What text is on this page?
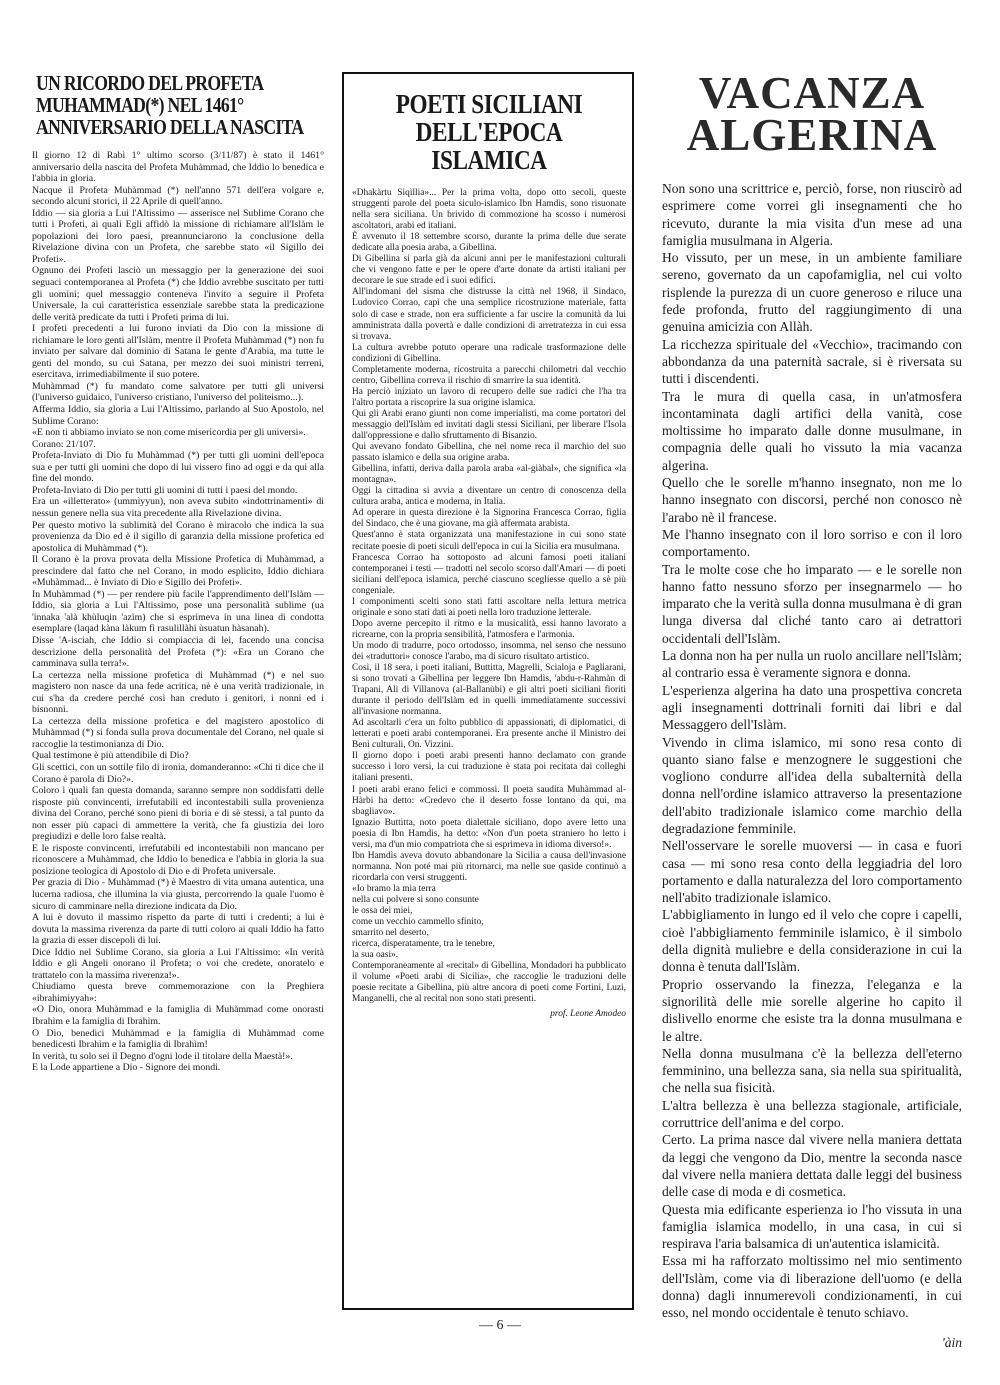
UN RICORDO DEL PROFETA MUHAMMAD(*) NEL 1461° ANNIVERSARIO DELLA NASCITA

Il giorno 12 di Rabì 1° ultimo scorso (3/11/87) è stato il 1461° anniversario della nascita del Profeta Muhàmmad, che Iddio lo benedica e l'abbia in gloria.

Nacque il Profeta Muhàmmad (*) nell'anno 571 dell'era volgare e, secondo alcuni storici, il 22 Aprile di quell'anno.

Iddio — sia gloria a Lui l'Altissimo — asserisce nel Sublime Corano che tutti i Profeti, ai quali Egli affidò la missione di richiamare all'Islàm le popolazioni dei loro paesi, preannunciarono la conclusione della Rivelazione divina con un Profeta, che sarebbe stato «il Sigillo dei Profeti».

Ognuno dei Profeti lasciò un messaggio per la generazione dei suoi seguaci contemporanea al Profeta (*) che Iddio avrebbe suscitato per tutti gli uomini; quel messaggio conteneva l'invito a seguire il Profeta Universale, la cui caratteristica essenziale sarebbe stata la predicazione delle verità predicate da tutti i Profeti prima di lui.

I profeti precedenti a lui furono inviati da Dio con la missione di richiamare le loro genti all'Islàm, mentre il Profeta Muhàmmad (*) non fu inviato per salvare dal dominio di Satana le gente d'Arabia, ma tutte le genti del mondo, su cui Satana, per mezzo dei suoi ministri terreni, esercitava, irrimediabilmente il suo potere.

Muhàmmad (*) fu mandato come salvatore per tutti gli universi (l'universo guidaico, l'universo cristiano, l'universo del politeismo...).

Afferma Iddio, sia gloria a Lui l'Altissimo, parlando al Suo Apostolo, nel Sublime Corano:

«E non ti abbiamo inviato se non come misericordia per gli universi».

Corano: 21/107.

Profeta-Inviato di Dio fu Muhàmmad (*) per tutti gli uomini dell'epoca sua e per tutti gli uomini che dopo di lui vissero fino ad oggi e da qui alla fine del mondo.

Profeta-Inviato di Dio per tutti gli uomini di tutti i paesi del mondo.

Era un «illetterato» (ummìyyun), non aveva subito «indottrinamenti» di nessun genere nella sua vita precedente alla Rivelazione divina.

Per questo motivo la sublimità del Corano è miracolo che indica la sua provenienza da Dio ed è il sigillo di garanzia della missione profetica ed apostolica di Muhàmmad (*).

Il Corano è la prova provata della Missione Profetica di Muhàmmad, a prescindere dal fatto che nel Corano, in modo esplicito, Iddio dichiara «Muhàmmad... è Inviato di Dio e Sigillo dei Profeti».

In Muhàmmad (*) — per rendere più facile l'apprendimento dell'Islàm — Iddio, sia gloria a Lui l'Altissimo, pose una personalità sublime (ua 'innaka 'alà khùluqin 'azìm) che si esprimeva in una linea di condotta esemplare (laqad kàna làkum fì rasulillàhi ùsuatun hàsanah).

Disse 'A-isciah, che Iddio si compiaccia di lei, facendo una concisa descrizione della personalità del Profeta (*): «Era un Corano che camminava sulla terra!».

La certezza nella missione profetica di Muhàmmad (*) e nel suo magistero non nasce da una fede acritica, nè è una verità tradizionale, in cui s'ha da credere perché così han creduto i genitori, i nonni ed i bisnonni.

La certezza della missione profetica e del magistero apostolico di Muhàmmad (*) si fonda sulla prova documentale del Corano, nel quale si raccoglie la testimonianza di Dio.

Qual testimone è più attendibile di Dio?

Gli scettici, con un sottile filo di ironia, domanderanno: «Chi ti dice che il Corano è parola di Dio?».

Coloro i quali fan questa domanda, saranno sempre non soddisfatti delle risposte più convincenti, irrefutabili ed incontestabili sulla provenienza divina del Corano, perché sono pieni di boria e di sè stessi, a tal punto da non esser più capaci di ammettere la verità, che fa giustizia dei loro pregiudizi e delle loro false realtà.

E le risposte convincenti, irrefutabili ed incontestabili non mancano per riconoscere a Muhàmmad, che Iddio lo benedica e l'abbia in gloria la sua posizione teologica di Apostolo di Dio e di Profeta universale.

Per grazia di Dio - Muhàmmad (*) è Maestro di vita umana autentica, una lucerna radiosa, che illumina la via giusta, percorrendo la quale l'uomo è sicuro di camminare nella direzione indicata da Dio.

A lui è dovuto il massimo rispetto da parte di tutti i credenti; a lui è dovuta la massima riverenza da parte di tutti coloro ai quali Iddio ha fatto la grazia di esser discepoli di lui.

Dice Iddio nel Sublime Corano, sia gloria a Lui l'Altissimo: «In verità Iddio e gli Angeli onorano il Profeta; o voi che credete, onoratelo e trattatelo con la massima riverenza!».

Chiudiamo questa breve commemorazione con la Preghiera «ibrahimiyyah»:

«O Dio, onora Muhàmmad e la famiglia di Muhàmmad come onorasti Ibrahìm e la famiglia di Ibrahìm.

O Dio, benedici Muhàmmad e la famiglia di Muhàmmad come benedicesti Ibrahìm e la famiglia di Ibrahìm!

In verità, tu solo sei il Degno d'ogni lode il titolare della Maestà!».

E la Lode appartiene a Dio - Signore dei mondi.

POETI SICILIANI DELL'EPOCA ISLAMICA

«Dhakàrtu Siqìllia»... Per la prima volta, dopo otto secoli, queste struggenti parole del poeta siculo-islamico Ibn Hamdìs, sono risuonate nella sera siciliana. Un brivido di commozione ha scosso i numerosi ascoltatori, arabi ed italiani.

È avvenuto il 18 settembre scorso, durante la prima delle due serate dedicate alla poesia araba, a Gibellina.

Di Gibellina si parla già da alcuni anni per le manifestazioni culturali che vi vengono fatte e per le opere d'arte donate da artisti italiani per decorare le sue strade ed i suoi edifici.

All'indomani del sisma che distrusse la città nel 1968, il Sindaco, Ludovico Corrao, capì che una semplice ricostruzione materiale, fatta solo di case e strade, non era sufficiente a far uscire la comunità da lui amministrata dalla povertà e dalle condizioni di arretratezza in cui essa si trovava.

La cultura avrebbe potuto operare una radicale trasformazione delle condizioni di Gibellina.

Completamente moderna, ricostruita a parecchi chilometri dal vecchio centro, Gibellina correva il rischio di smarrire la sua identità.

Ha perciò iniziato un lavoro di recupero delle sue radici che l'ha tra l'altro portata a riscoprire la sua origine islamica.

Qui gli Arabi erano giunti non come imperialisti, ma come portatori del messaggio dell'Islàm ed invitati dagli stessi Siciliani, per liberare l'Isola dall'oppressione e dallo sfruttamento di Bisanzio.

Qui avevano fondato Gibellina, che nel nome reca il marchio del suo passato islamico e della sua origine araba.

Gibellina, infatti, deriva dalla parola araba «al-giàbal», che significa «la montagna».

Oggi la cittadina si avvia a diventare un centro di conoscenza della cultura araba, antica e moderna, in Italia.

Ad operare in questa direzione è la Signorina Francesca Corrao, figlia del Sindaco, che è una giovane, ma già affermata arabista.

Quest'anno è stata organizzata una manifestazione in cui sono state recitate poesie di poeti siculi dell'epoca in cui la Sicilia era musulmana.

Francesca Corrao ha sottoposto ad alcuni famosi poeti italiani contemporanei i testi — tradotti nel secolo scorso dall'Amari — di poeti siciliani dell'epoca islamica, perché ciascuno scegliesse quello a sè più congeniale.

I componimenti scelti sono stati fatti ascoltare nella lettura metrica originale e sono stati dati ai poeti nella loro traduzione letterale.

Dopo averne percepito il ritmo e la musicalità, essi hanno lavorato a ricrearne, con la propria sensibilità, l'atmosfera e l'armonia.

Un modo di tradurre, poco ortodosso, insomma, nel senso che nessuno dei «traduttori» conosce l'arabo, ma di sicuro risultato artistico.

Così, il 18 sera, i poeti italiani, Buttitta, Magrelli, Scialoja e Pagliarani, si sono trovati a Gibellina per leggere Ibn Hamdìs, 'abdu-r-Rahmàn di Trapani, Alì di Villanova (al-Ballanùbi) e gli altri poeti siciliani fioriti durante il periodo dell'Islàm ed in quelli immediatamente successivi all'invasione normanna.

Ad ascoltarli c'era un folto pubblico di appassionati, di diplomatici, di letterati e poeti arabi contemporanei. Era presente anche il Ministro dei Beni culturali, On. Vizzini.

Il giorno dopo i poeti arabi presenti hanno declamato con grande successo i loro versi, la cui traduzione è stata poi recitata dai colleghi italiani presenti.

I poeti arabi erano felici e commossi. Il poeta saudita Muhàmmad al-Hàrbi ha detto: «Credevo che il deserto fosse lontano da qui, ma sbagliavo».

Ignazio Buttitta, noto poeta dialettale siciliano, dopo avere letto una poesia di Ibn Hamdìs, ha detto: «Non d'un poeta straniero ho letto i versi, ma d'un mio compatriota che si esprimeva in idioma diverso!».

Ibn Hamdìs aveva dovuto abbandonare la Sicilia a causa dell'invasione normanna. Non poté mai più ritornarci, ma nelle sue qasìde continuò a ricordarla con versi struggenti.

«Io bramo la mia terra

nella cui polvere si sono consunte

le ossa dei miei,

come un vecchio cammello sfinito,

smarrito nel deserto,

ricerca, disperatamente, tra le tenebre,

la sua oasi».

Contemporaneamente al «recital» di Gibellina, Mondadori ha pubblicato il volume «Poeti arabi di Sicilia», che raccoglie le traduzioni delle poesie recitate a Gibellina, più altre ancora di poeti come Fortini, Luzi, Manganelli, che al recital non sono stati presenti.

prof. Leone Amodeo

VACANZA ALGERINA

Non sono una scrittrice e, perciò, forse, non riuscirò ad esprimere come vorrei gli insegnamenti che ho ricevuto, durante la mia visita d'un mese ad una famiglia musulmana in Algeria.

Ho vissuto, per un mese, in un ambiente familiare sereno, governato da un capofamiglia, nel cui volto risplende la purezza di un cuore generoso e riluce una fede profonda, frutto del raggiungimento di una genuina amicizia con Allàh.

La ricchezza spirituale del «Vecchio», tracimando con abbondanza da una paternità sacrale, si è riversata su tutti i discendenti.

Tra le mura di quella casa, in un'atmosfera incontaminata dagli artifici della vanità, cose moltissime ho imparato dalle donne musulmane, in compagnia delle quali ho vissuto la mia vacanza algerina.

Quello che le sorelle m'hanno insegnato, non me lo hanno insegnato con discorsi, perché non conosco nè l'arabo nè il francese.

Me l'hanno insegnato con il loro sorriso e con il loro comportamento.

Tra le molte cose che ho imparato — e le sorelle non hanno fatto nessuno sforzo per insegnarmelo — ho imparato che la verità sulla donna musulmana è di gran lunga diversa dal cliché tanto caro ai detrattori occidentali dell'Islàm.

La donna non ha per nulla un ruolo ancillare nell'Islàm; al contrario essa è veramente signora e donna.

L'esperienza algerina ha dato una prospettiva concreta agli insegnamenti dottrinali forniti dai libri e dal Messaggero dell'Islàm.

Vivendo in clima islamico, mi sono resa conto di quanto siano false e menzognere le suggestioni che vogliono condurre all'idea della subalternità della donna nell'ordine islamico attraverso la presentazione dell'abito tradizionale islamico come marchio della degradazione femminile.

Nell'osservare le sorelle muoversi — in casa e fuori casa — mi sono resa conto della leggiadria del loro portamento e dalla naturalezza del loro comportamento nell'abito tradizionale islamico.

L'abbigliamento in lungo ed il velo che copre i capelli, cioè l'abbigliamento femminile islamico, è il simbolo della dignità muliebre e della considerazione in cui la donna è tenuta dall'Islàm.

Proprio osservando la finezza, l'eleganza e la signorilità delle mie sorelle algerine ho capito il dislivello enorme che esiste tra la donna musulmana e le altre.

Nella donna musulmana c'è la bellezza dell'eterno femminino, una bellezza sana, sia nella sua spiritualità, che nella sua fisicità.

L'altra bellezza è una bellezza stagionale, artificiale, corruttrice dell'anima e del corpo.

Certo. La prima nasce dal vivere nella maniera dettata da leggi che vengono da Dio, mentre la seconda nasce dal vivere nella maniera dettata dalle leggi del business delle case di moda e di cosmetica.

Questa mia edificante esperienza io l'ho vissuta in una famiglia islamica modello, in una casa, in cui si respirava l'aria balsamica di un'autentica islamicità.

Essa mi ha rafforzato moltissimo nel mio sentimento dell'Islàm, come via di liberazione dell'uomo (e della donna) dagli innumerevoli condizionamenti, in cui esso, nel mondo occidentale è tenuto schiavo.

'àin

— 6 —
